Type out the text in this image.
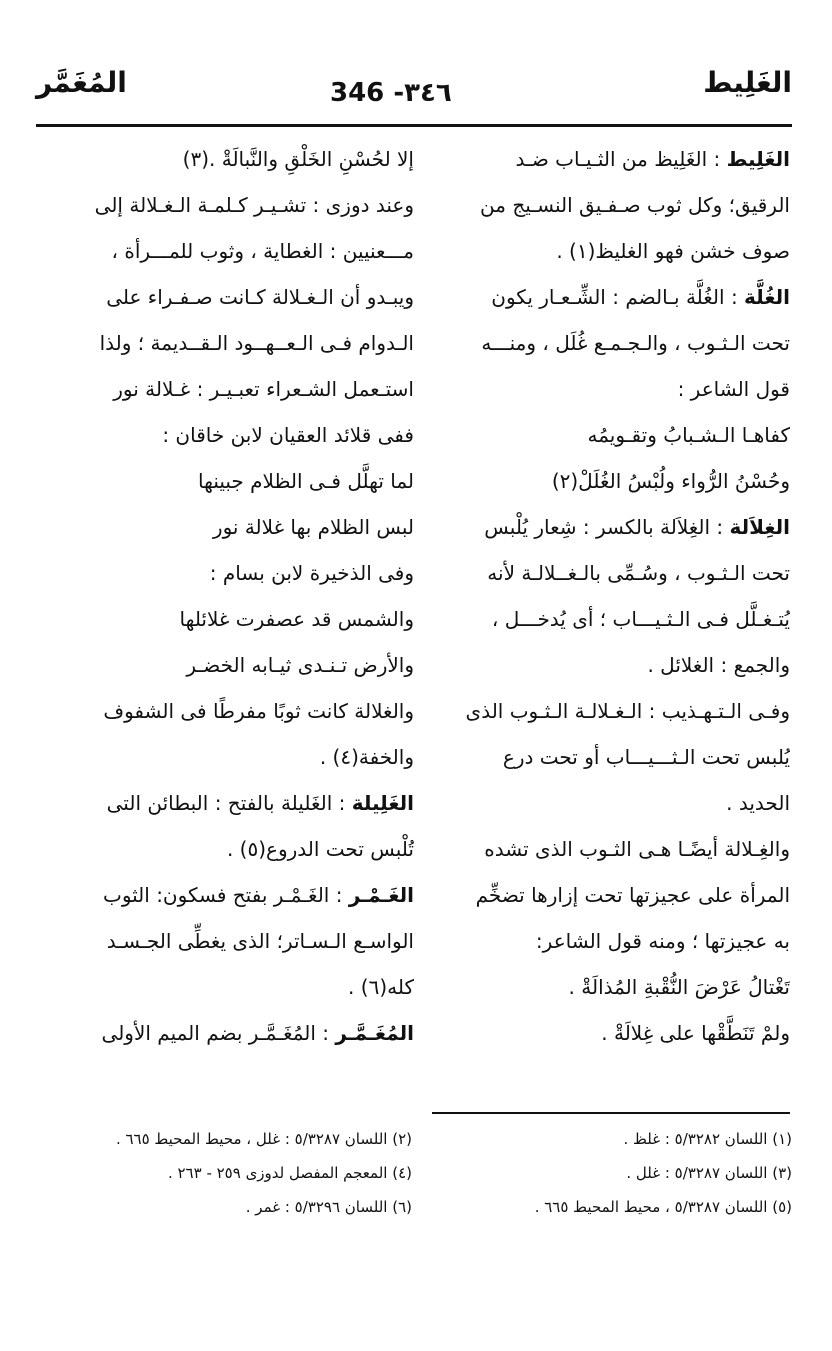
الغَلِيط
346 -٣٤٦
المُغَمَّر
الغَلِيط : الغَلِيظ من الثـيـاب ضـد
الرقيق؛ وكل ثوب صـفـيق النسـيج من
صوف خشن فهو الغليظ(١) .
الغُلَّة : الغُلَّة بـالضم : الشِّـعـار يكون
تحت الـثـوب ، والـجـمـع غُلَل ، ومنـــه
قول الشاعر :
كفاهـا الـشـبابُ وتقـويمُه
وحُسْنُ الرُّواء ولُبْسُ الغُلَلْ(٢)
الغِلاَلة : الغِلاَلة بالكسر : شِعار يُلْبس
تحت الـثـوب ، وسُـمِّى بالـغــلالـة لأنه
يُتـغـلَّل فـى الـثـيـــاب ؛ أى يُدخـــل ،
والجمع : الغلائل .
وفـى الـتـهـذيب : الـغـلالـة الـثـوب الذى
يُلبس تحت الـثـــيـــاب أو تحت درع
الحديد .
والغِـلالة أيضًـا هـى الثـوب الذى تشده
المرأة على عجيزتها تحت إزارها تضخِّم
به عجيزتها ؛ ومنه قول الشاعر:
تَغْتالُ عَرْضَ النُّقْبةِ المُذالَةْ .
ولمْ تَنَطَّقْها على غِلالَةْ .
إلا لحُسْنِ الخَلْقِ والنَّبالَةْ .(٣)
وعند دوزى : تشـيـر كـلمـة الـغـلالة إلى
مـــعنيين : الغطاية ، وثوب للمـــرأة ،
ويبـدو أن الـغـلالة كـانت صـفـراء على
الـدوام فـى الـعــهــود الـقــديمة ؛ ولذا
استـعمل الشـعراء تعبـيـر : غـلالة نور
ففى قلائد العقيان لابن خاقان :
لما تهلَّل فـى الظلام جبينها
لبس الظلام بها غلالة نور
وفى الذخيرة لابن بسام :
والشمس قد عصفرت غلائلها
والأرض تـنـدى ثيـابه الخضـر
والغلالة كانت ثوبًا مفرطًا فى الشفوف
والخفة(٤) .
الغَلِيلة : الغَليلة بالفتح : البطائن التى
تُلْبس تحت الدروع(٥) .
الغَـمْـر : الغَـمْـر بفتح فسكون: الثوب
الواسـع الـسـاتر؛ الذى يغطِّى الجـسـد
كله(٦) .
المُغَـمَّـر : المُغَـمَّـر بضم الميم الأولى
(١) اللسان ٥/٣٢٨٢ : غلظ .
(٣) اللسان ٥/٣٢٨٧ : غلل .
(٥) اللسان ٥/٣٢٨٧ ، محيط المحيط ٦٦٥ .
(٢) اللسان ٥/٣٢٨٧ : غلل ، محيط المحيط ٦٦٥ .
(٤) المعجم المفصل لدوزى ٢٥٩ - ٢٦٣ .
(٦) اللسان ٥/٣٢٩٦ : غمر .
